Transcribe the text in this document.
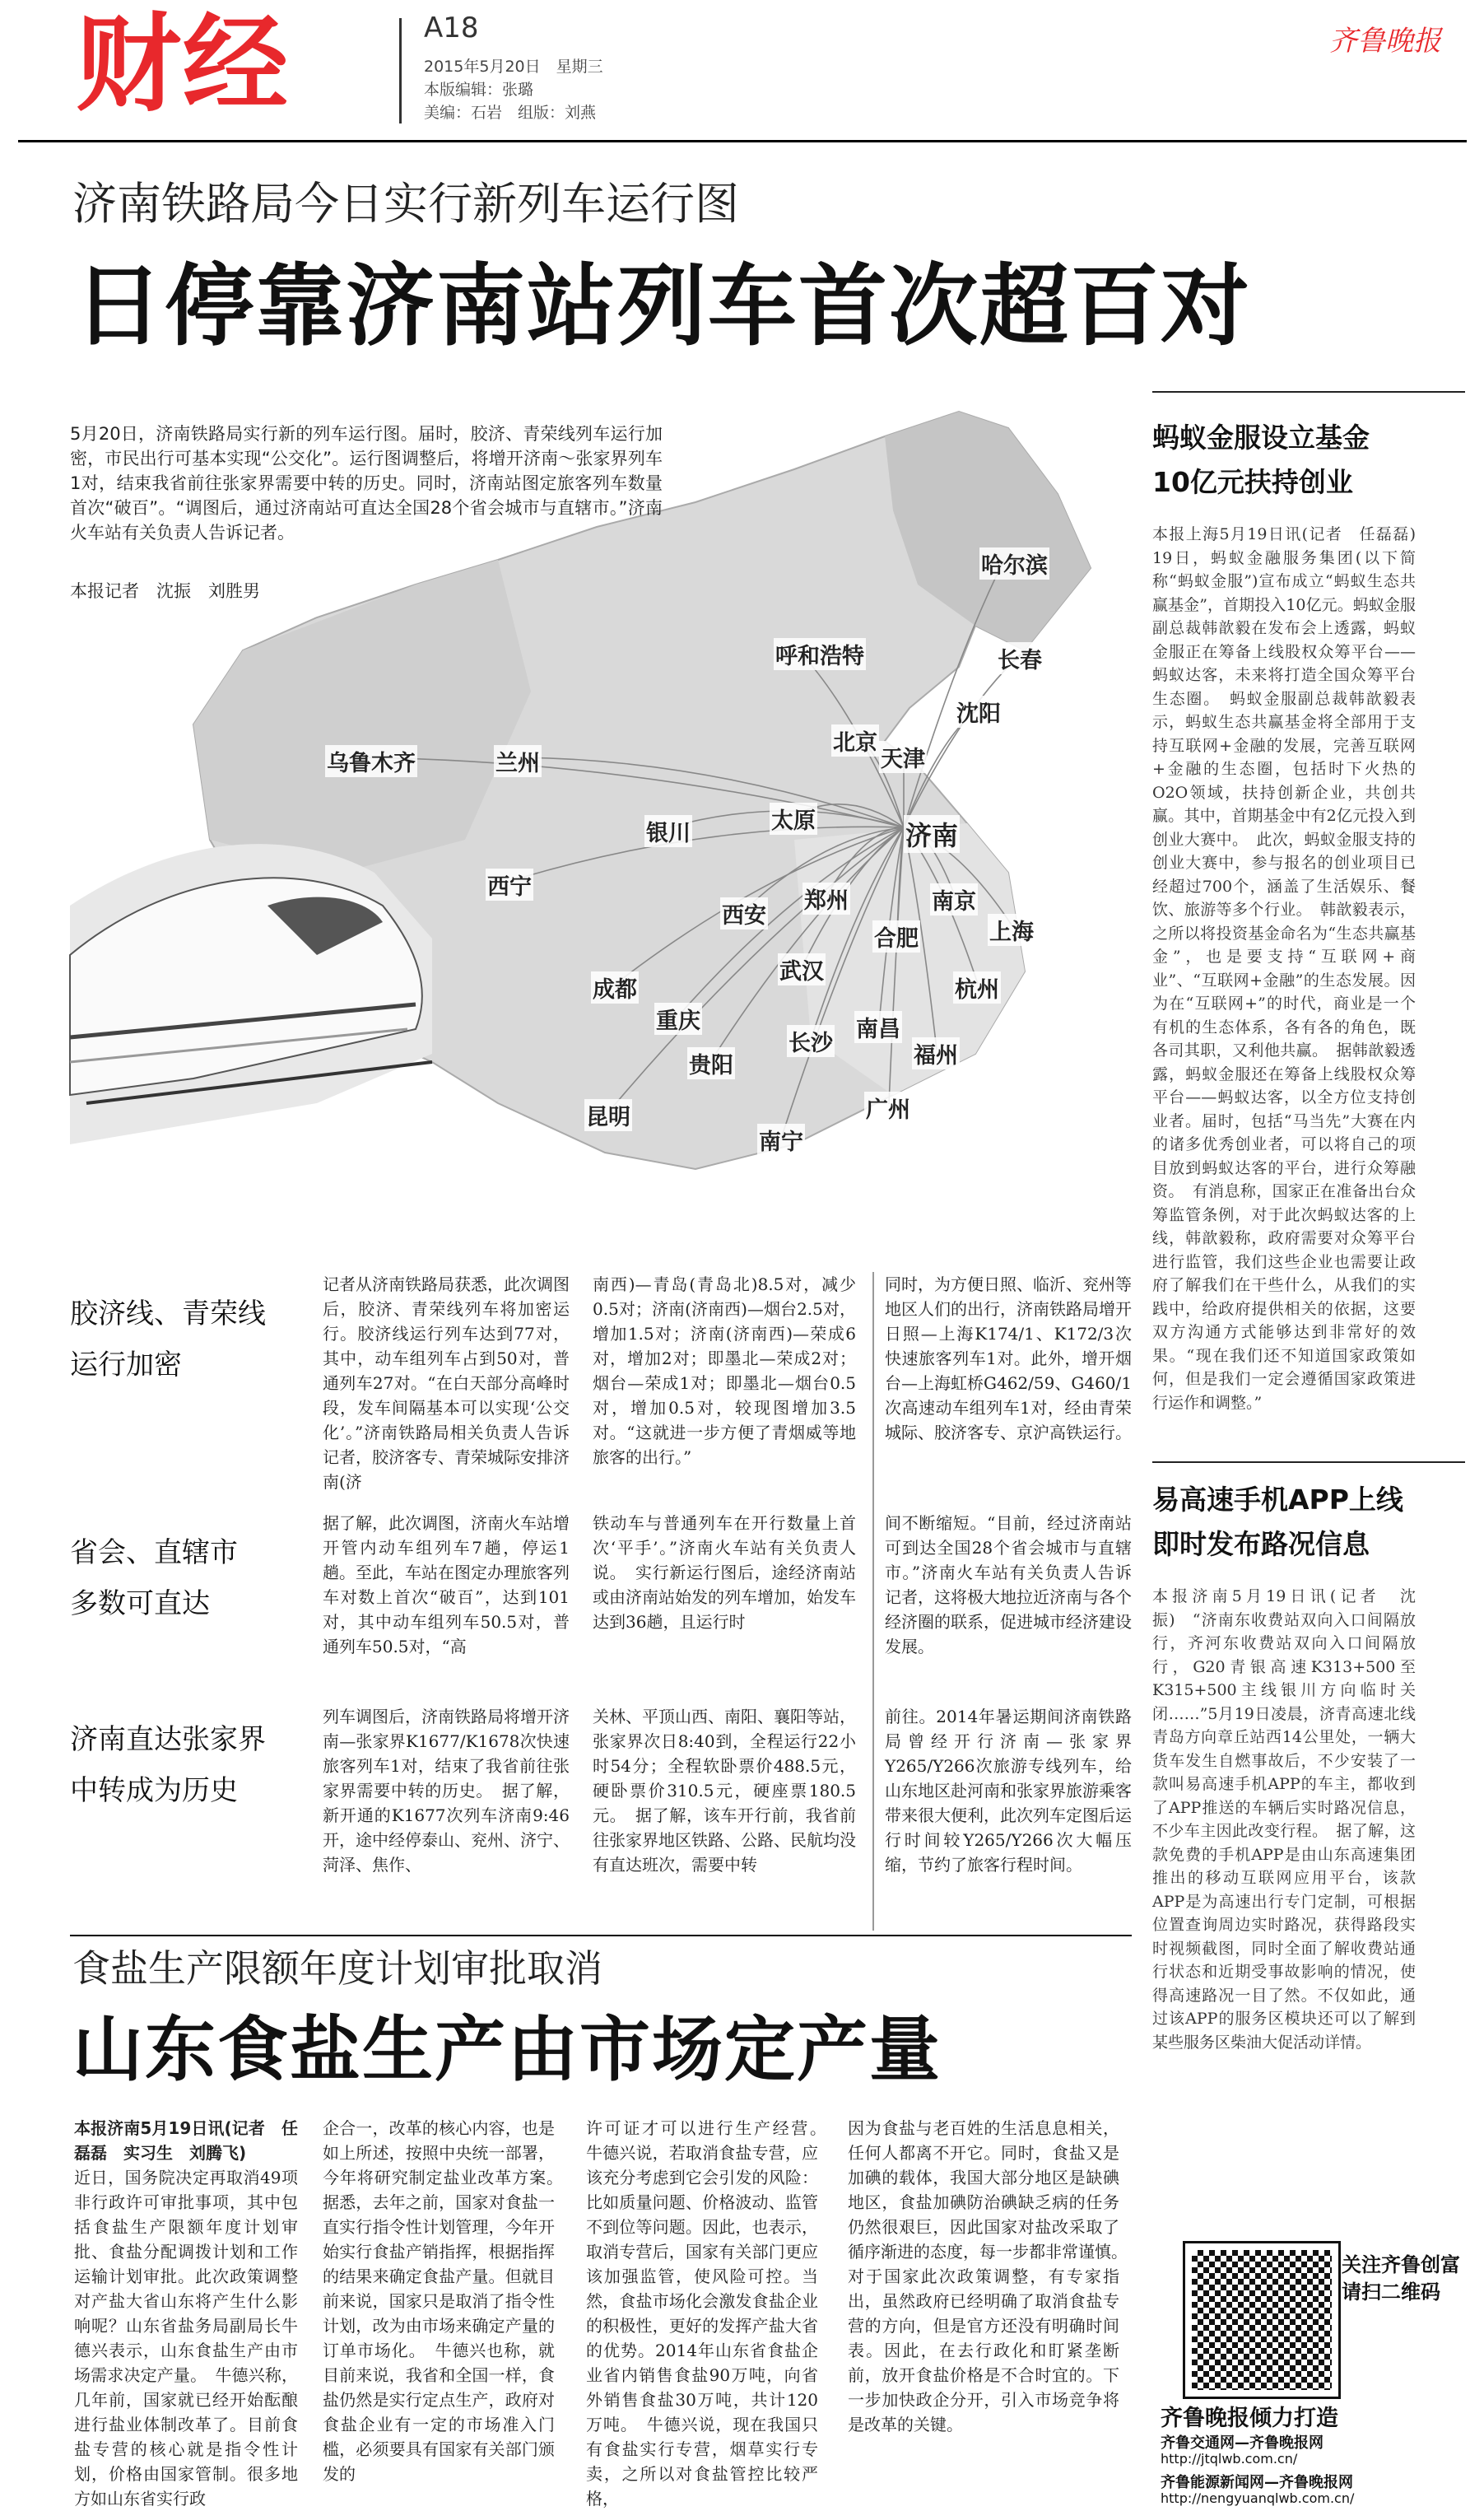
财经	A18
2015年5月20日　星期三
本版编辑：张璐
美编：石岩　组版：刘燕
齐鲁晚报
济南铁路局今日实行新列车运行图
日停靠济南站列车首次超百对
哈尔滨
长春
呼和浩特
沈阳
北京
天津
乌鲁木齐	兰州
银川	太原	济南
西宁
西安
郑州	南京
上海
合肥
杭州
成都
武汉
重庆
长沙
南昌
福州
贵阳
昆明	广州
南宁
5月20日，济南铁路局实行新的列车运行图。届时，胶济、青荣线列车运行加密，市民出行可基本实现“公交化”。运行图调整后，将增开济南～张家界列车1对，结束我省前往张家界需要中转的历史。同时，济南站图定旅客列车数量首次“破百”。“调图后，通过济南站可直达全国28个省会城市与直辖市。”济南火车站有关负责人告诉记者。
本报记者　沈振　刘胜男
胶济线、青荣线
运行加密
记者从济南铁路局获悉，此次调图后，胶济、青荣线列车将加密运行。胶济线运行列车达到77对，其中，动车组列车占到50对，普通列车27对。“在白天部分高峰时段，发车间隔基本可以实现‘公交化’。”济南铁路局相关负责人告诉记者，胶济客专、青荣城际安排济南(济
南西)—青岛(青岛北)8.5对，减少0.5对；济南(济南西)—烟台2.5对，增加1.5对；济南(济南西)—荣成6对，增加2对；即墨北—荣成2对；烟台—荣成1对；即墨北—烟台0.5对，增加0.5对，较现图增加3.5对。“这就进一步方便了青烟威等地旅客的出行。”
同时，为方便日照、临沂、兖州等地区人们的出行，济南铁路局增开日照—上海K174/1、K172/3次快速旅客列车1对。此外，增开烟台—上海虹桥G462/59、G460/1次高速动车组列车1对，经由青荣城际、胶济客专、京沪高铁运行。
省会、直辖市
多数可直达
据了解，此次调图，济南火车站增开管内动车组列车7趟，停运1趟。至此，车站在图定办理旅客列车对数上首次“破百”，达到101对，其中动车组列车50.5对，普通列车50.5对，“高
铁动车与普通列车在开行数量上首次‘平手’。”济南火车站有关负责人说。　实行新运行图后，途经济南站或由济南站始发的列车增加，始发车达到36趟，且运行时
间不断缩短。“目前，经过济南站可到达全国28个省会城市与直辖市。”济南火车站有关负责人告诉记者，这将极大地拉近济南与各个经济圈的联系，促进城市经济建设发展。
济南直达张家界
中转成为历史
列车调图后，济南铁路局将增开济南—张家界K1677/K1678次快速旅客列车1对，结束了我省前往张家界需要中转的历史。　据了解，新开通的K1677次列车济南9:46开，途中经停泰山、兖州、济宁、菏泽、焦作、
关林、平顶山西、南阳、襄阳等站，张家界次日8:40到，全程运行22小时54分；全程软卧票价488.5元，硬卧票价310.5元，硬座票180.5元。　据了解，该车开行前，我省前往张家界地区铁路、公路、民航均没有直达班次，需要中转
前往。2014年暑运期间济南铁路局曾经开行济南—张家界Y265/Y266次旅游专线列车，给山东地区赴河南和张家界旅游乘客带来很大便利，此次列车定图后运行时间较Y265/Y266次大幅压缩，节约了旅客行程时间。
食盐生产限额年度计划审批取消
山东食盐生产由市场定产量
本报济南5月19日讯(记者　任磊磊　实习生　刘腾飞)
近日，国务院决定再取消49项非行政许可审批事项，其中包括食盐生产限额年度计划审批、食盐分配调拨计划和工作运输计划审批。此次政策调整对产盐大省山东将产生什么影响呢？山东省盐务局副局长牛德兴表示，山东食盐生产由市场需求决定产量。　牛德兴称，几年前，国家就已经开始酝酿进行盐业体制改革了。目前食盐专营的核心就是指令性计划，价格由国家管制。很多地方如山东省实行政
企合一，改革的核心内容，也是如上所述，按照中央统一部署，今年将研究制定盐业改革方案。　据悉，去年之前，国家对食盐一直实行指令性计划管理，今年开始实行食盐产销指挥，根据指挥的结果来确定食盐产量。但就目前来说，国家只是取消了指令性计划，改为由市场来确定产量的订单市场化。　牛德兴也称，就目前来说，我省和全国一样，食盐仍然是实行定点生产，政府对食盐企业有一定的市场准入门槛，必须要具有国家有关部门颁发的
许可证才可以进行生产经营。　牛德兴说，若取消食盐专营，应该充分考虑到它会引发的风险：比如质量问题、价格波动、监管不到位等问题。因此，也表示，取消专营后，国家有关部门更应该加强监管，使风险可控。当然，食盐市场化会激发食盐企业的积极性，更好的发挥产盐大省的优势。2014年山东省食盐企业省内销售食盐90万吨，向省外销售食盐30万吨，共计120万吨。　牛德兴说，现在我国只有食盐实行专营，烟草实行专卖，之所以对食盐管控比较严格，
因为食盐与老百姓的生活息息相关，任何人都离不开它。同时，食盐又是加碘的载体，我国大部分地区是缺碘地区，食盐加碘防治碘缺乏病的任务仍然很艰巨，因此国家对盐改采取了循序渐进的态度，每一步都非常谨慎。　对于国家此次政策调整，有专家指出，虽然政府已经明确了取消食盐专营的方向，但是官方还没有明确时间表。因此，在去行政化和盯紧垄断前，放开食盐价格是不合时宜的。下一步加快政企分开，引入市场竞争将是改革的关键。
蚂蚁金服设立基金
10亿元扶持创业
本报上海5月19日讯(记者　任磊磊)　19日，蚂蚁金融服务集团(以下简称“蚂蚁金服”)宣布成立“蚂蚁生态共赢基金”，首期投入10亿元。蚂蚁金服副总裁韩歆毅在发布会上透露，蚂蚁金服正在筹备上线股权众筹平台——蚂蚁达客，未来将打造全国众筹平台生态圈。　蚂蚁金服副总裁韩歆毅表示，蚂蚁生态共赢基金将全部用于支持互联网+金融的发展，完善互联网+金融的生态圈，包括时下火热的O2O领域，扶持创新企业，共创共赢。其中，首期基金中有2亿元投入到创业大赛中。　此次，蚂蚁金服支持的创业大赛中，参与报名的创业项目已经超过700个，涵盖了生活娱乐、餐饮、旅游等多个行业。　韩歆毅表示，之所以将投资基金命名为“生态共赢基金”，也是要支持“互联网+商业”、“互联网+金融”的生态发展。因为在“互联网+”的时代，商业是一个有机的生态体系，各有各的角色，既各司其职，又利他共赢。　据韩歆毅透露，蚂蚁金服还在筹备上线股权众筹平台——蚂蚁达客，以全方位支持创业者。届时，包括“马当先”大赛在内的诸多优秀创业者，可以将自己的项目放到蚂蚁达客的平台，进行众筹融资。　有消息称，国家正在准备出台众筹监管条例，对于此次蚂蚁达客的上线，韩歆毅称，政府需要对众筹平台进行监管，我们这些企业也需要让政府了解我们在干些什么，从我们的实践中，给政府提供相关的依据，这要双方沟通方式能够达到非常好的效果。“现在我们还不知道国家政策如何，但是我们一定会遵循国家政策进行运作和调整。”
易高速手机APP上线
即时发布路况信息
本报济南5月19日讯(记者　沈振)　“济南东收费站双向入口间隔放行，齐河东收费站双向入口间隔放行，G20青银高速K313+500至K315+500主线银川方向临时关闭……”5月19日凌晨，济青高速北线青岛方向章丘站西14公里处，一辆大货车发生自燃事故后，不少安装了一款叫易高速手机APP的车主，都收到了APP推送的车辆后实时路况信息，不少车主因此改变行程。　据了解，这款免费的手机APP是由山东高速集团推出的移动互联网应用平台，该款APP是为高速出行专门定制，可根据位置查询周边实时路况，获得路段实时视频截图，同时全面了解收费站通行状态和近期受事故影响的情况，使得高速路况一目了然。不仅如此，通过该APP的服务区模块还可以了解到某些服务区柴油大促活动详情。
关注齐鲁创富
请扫二维码
齐鲁晚报倾力打造
齐鲁交通网—齐鲁晚报网
http://jtqlwb.com.cn/
齐鲁能源新闻网—齐鲁晚报网
http://nengyuanqlwb.com.cn/
